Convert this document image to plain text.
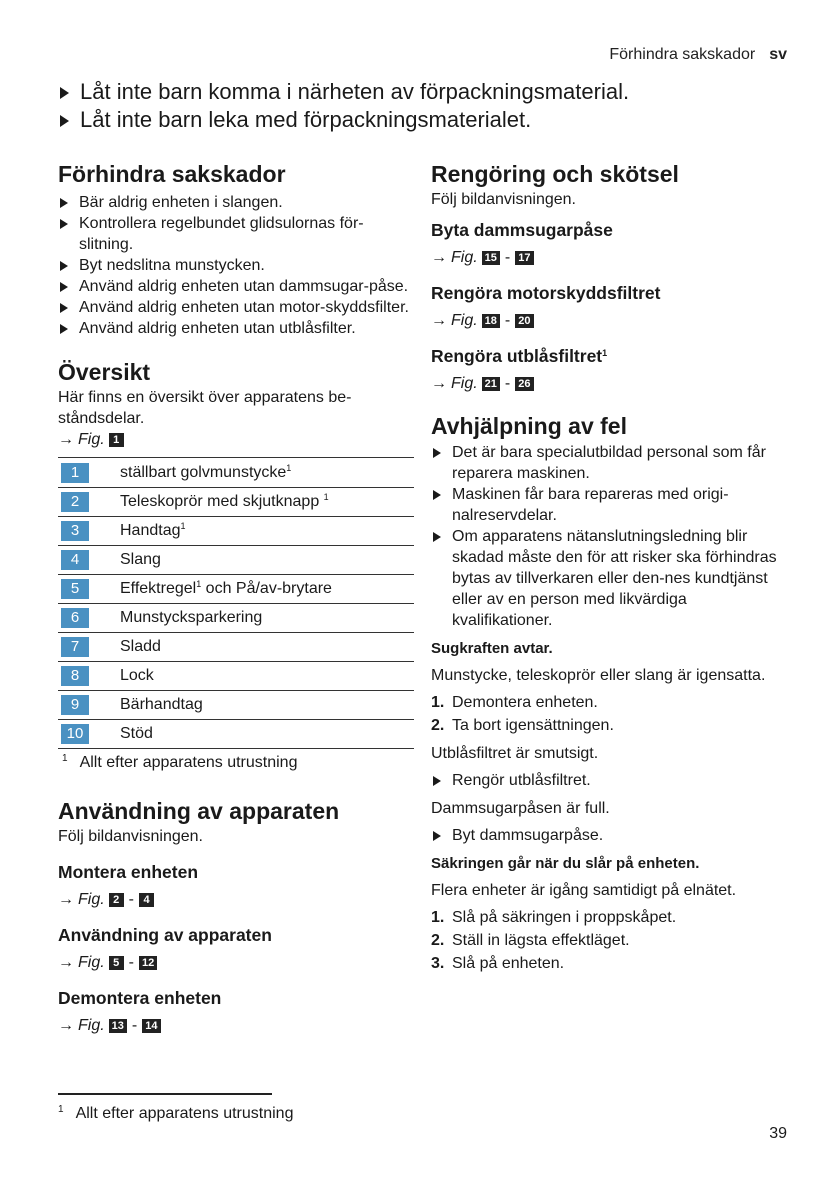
Förhindra sakskador sv
Låt inte barn komma i närheten av förpackningsmaterial.
Låt inte barn leka med förpackningsmaterialet.
Förhindra sakskador
Bär aldrig enheten i slangen.
Kontrollera regelbundet glidsulornas för-slitning.
Byt nedslitna munstycken.
Använd aldrig enheten utan dammsugar-påse.
Använd aldrig enheten utan motor-skyddsfilter.
Använd aldrig enheten utan utblåsfilter.
Översikt

Här finns en översikt över apparatens be-ståndsdelar.

→ Fig. 1
1	ställbart golvmunstycke$^1$
2	Teleskoprör med skjutknapp $^1$
3	Handtag$^1$
4	Slang
5	Effektregel$^1$ och På/av-brytare
6	Munstycksparkering
7	Sladd
8	Lock
9	Bärhandtag
10	Stöd
$^1$ Allt efter apparatens utrustning
Användning av apparaten

Följ bildanvisningen.

Montera enheten
→ Fig. 2 - 4
Användning av apparaten
→ Fig. 5 - 12
Demontera enheten
→ Fig. 13 - 14
Rengöring och skötsel

Följ bildanvisningen.

Byta dammsugarpåse
→ Fig. 15 - 17
Rengöra motorskyddsfiltret
→ Fig. 18 - 20
Rengöra utblåsfiltret$^1$
→ Fig. 21 - 26
Avhjälpning av fel
Det är bara specialutbildad personal som får reparera maskinen.
Maskinen får bara repareras med origi-nalreservdelar.
Om apparatens nätanslutningsledning blir skadad måste den för att risker ska förhindras bytas av tillverkaren eller den-nes kundtjänst eller av en person med likvärdiga kvalifikationer.
Sugkraften avtar.

Munstycke, teleskoprör eller slang är igensatta.

1. Demontera enheten.
2. Ta bort igensättningen.

Utblåsfiltret är smutsigt.

Rengör utblåsfiltret.

Dammsugarpåsen är full.

Byt dammsugarpåse.
Säkringen går när du slår på enheten.

Flera enheter är igång samtidigt på elnätet.

1. Slå på säkringen i proppskåpet.
2. Ställ in lägsta effektläget.
3. Slå på enheten.
$^1$ Allt efter apparatens utrustning
39
